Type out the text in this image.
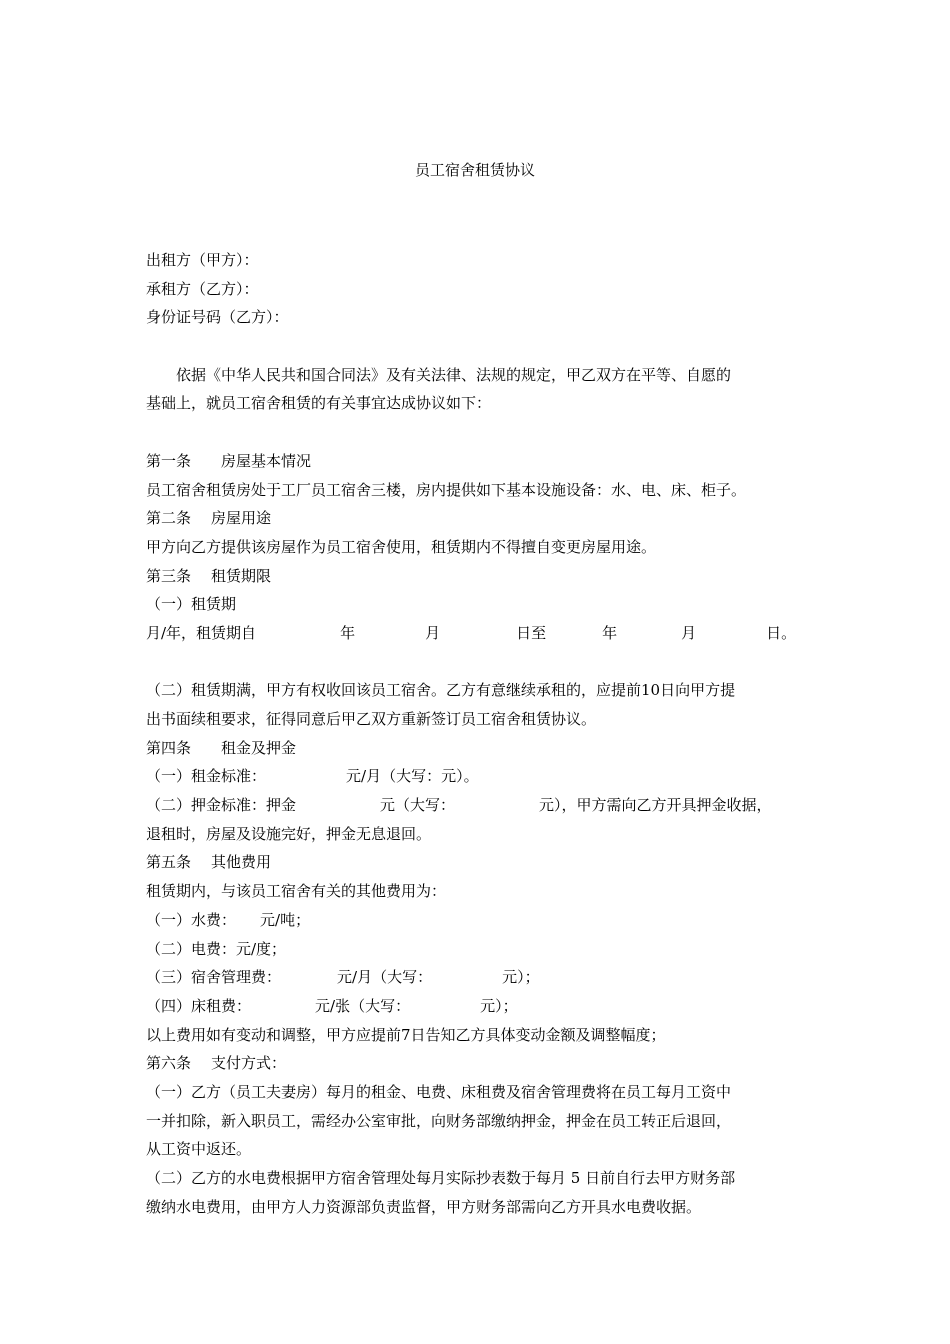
员工宿舍租赁协议
出租方（甲方）：
承租方（乙方）：
身份证号码（乙方）：
依据《中华人民共和国合同法》及有关法律、法规的规定，甲乙双方在平等、自愿的
基础上，就员工宿舍租赁的有关事宜达成协议如下：
第一条 房屋基本情况
员工宿舍租赁房处于工厂员工宿舍三楼，房内提供如下基本设施设备：水、电、床、柜子。
第二条 房屋用途
甲方向乙方提供该房屋作为员工宿舍使用，租赁期内不得擅自变更房屋用途。
第三条 租赁期限
（一）租赁期
月/年，租赁期自	年	月	日至	年	月	日。
（二）租赁期满，甲方有权收回该员工宿舍。乙方有意继续承租的，应提前10日向甲方提
出书面续租要求，征得同意后甲乙双方重新签订员工宿舍租赁协议。
第四条 租金及押金
（一）租金标准：	元/月（大写：元）。
（二）押金标准：押金	元（大写：	元），甲方需向乙方开具押金收据，
退租时，房屋及设施完好，押金无息退回。
第五条 其他费用
租赁期内，与该员工宿舍有关的其他费用为：
（一）水费： 元/吨；
（二）电费：元/度；
（三）宿舍管理费：	元/月（大写：	元）；
（四）床租费：	元/张（大写：	元）；
以上费用如有变动和调整，甲方应提前7日告知乙方具体变动金额及调整幅度；
第六条 支付方式：
（一）乙方（员工夫妻房）每月的租金、电费、床租费及宿舍管理费将在员工每月工资中
一并扣除，新入职员工，需经办公室审批，向财务部缴纳押金，押金在员工转正后退回，
从工资中返还。
（二）乙方的水电费根据甲方宿舍管理处每月实际抄表数于每月 5 日前自行去甲方财务部
缴纳水电费用，由甲方人力资源部负责监督，甲方财务部需向乙方开具水电费收据。
